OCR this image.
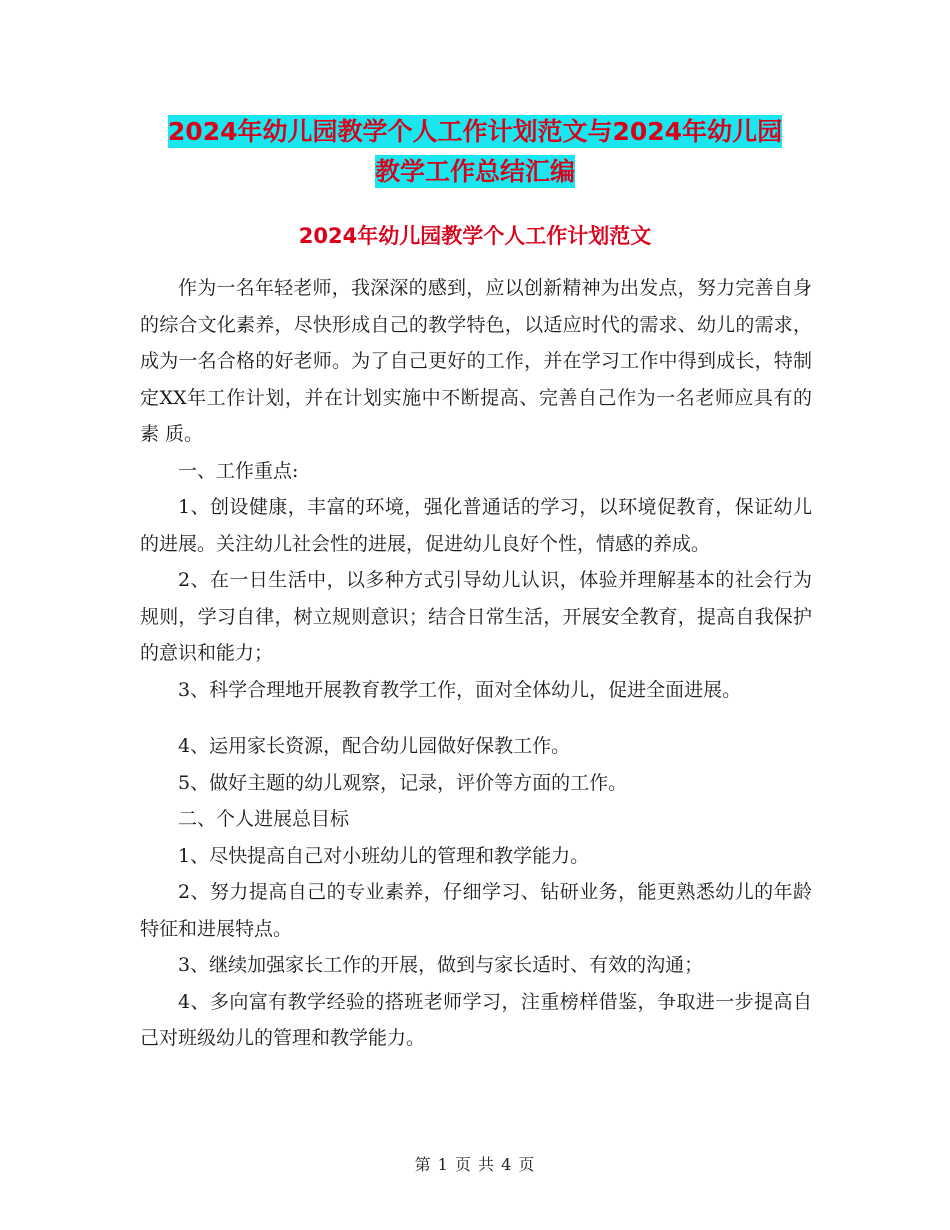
2024年幼儿园教学个人工作计划范文与2024年幼儿园
教学工作总结汇编
2024年幼儿园教学个人工作计划范文

作为一名年轻老师，我深深的感到，应以创新精神为出发点，努力完善自身的综合文化素养，尽快形成自己的教学特色，以适应时代的需求、幼儿的需求，成为一名合格的好老师。为了自己更好的工作，并在学习工作中得到成长，特制定XX年工作计划，并在计划实施中不断提高、完善自己作为一名老师应具有的素 质。

一、工作重点:

1、创设健康，丰富的环境，强化普通话的学习，以环境促教育，保证幼儿的进展。关注幼儿社会性的进展，促进幼儿良好个性，情感的养成。

2、在一日生活中，以多种方式引导幼儿认识，体验并理解基本的社会行为规则，学习自律，树立规则意识；结合日常生活，开展安全教育，提高自我保护的意识和能力；

3、科学合理地开展教育教学工作，面对全体幼儿，促进全面进展。

4、运用家长资源，配合幼儿园做好保教工作。

5、做好主题的幼儿观察，记录，评价等方面的工作。

二、个人进展总目标

1、尽快提高自己对小班幼儿的管理和教学能力。

2、努力提高自己的专业素养，仔细学习、钻研业务，能更熟悉幼儿的年龄特征和进展特点。

3、继续加强家长工作的开展，做到与家长适时、有效的沟通；

4、多向富有教学经验的搭班老师学习，注重榜样借鉴，争取进一步提高自己对班级幼儿的管理和教学能力。

第 1 页 共 4 页
